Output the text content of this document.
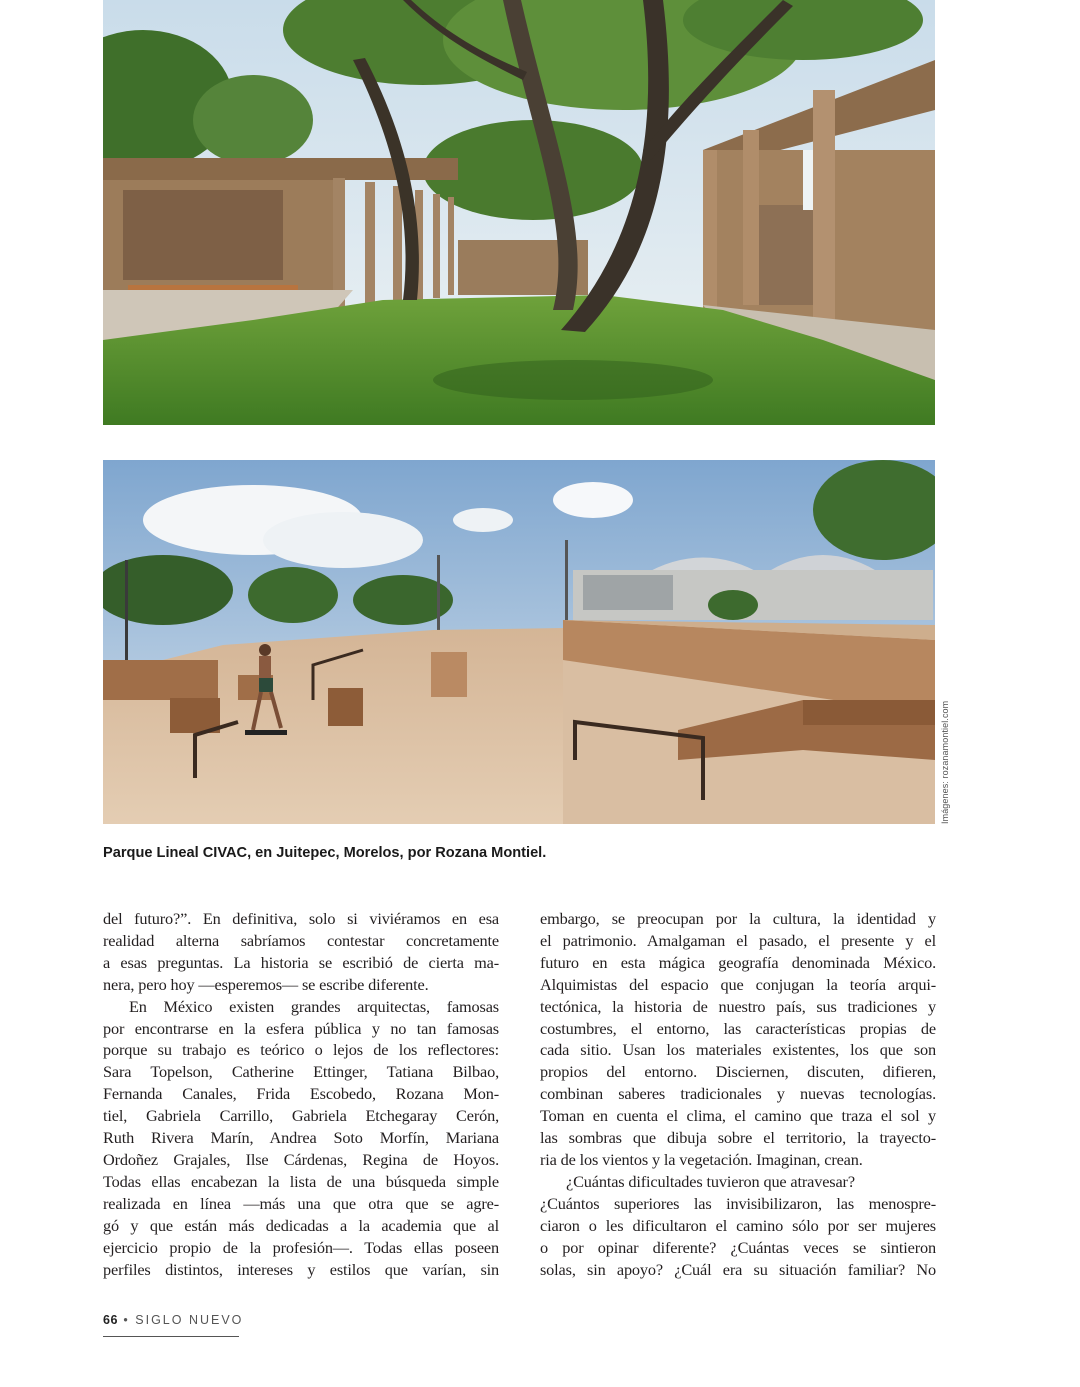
Imágenes: rozanamontiel.com
Parque Lineal CIVAC, en Juitepec, Morelos, por Rozana Montiel.
del futuro?”. En definitiva, solo si viviéramos en esa
realidad alterna sabríamos contestar concretamente
a esas preguntas. La historia se escribió de cierta ma-
nera, pero hoy —esperemos— se escribe diferente.
En México existen grandes arquitectas, famosas
por encontrarse en la esfera pública y no tan famosas
porque su trabajo es teórico o lejos de los reflectores:
Sara Topelson, Catherine Ettinger, Tatiana Bilbao,
Fernanda Canales, Frida Escobedo, Rozana Mon-
tiel, Gabriela Carrillo, Gabriela Etchegaray Cerón,
Ruth Rivera Marín, Andrea Soto Morfín, Mariana
Ordoñez Grajales, Ilse Cárdenas, Regina de Hoyos.
Todas ellas encabezan la lista de una búsqueda simple
realizada en línea —más una que otra que se agre-
gó y que están más dedicadas a la academia que al
ejercicio propio de la profesión—. Todas ellas poseen
perfiles distintos, intereses y estilos que varían, sin
embargo, se preocupan por la cultura, la identidad y
el patrimonio. Amalgaman el pasado, el presente y el
futuro en esta mágica geografía denominada México.
Alquimistas del espacio que conjugan la teoría arqui-
tectónica, la historia de nuestro país, sus tradiciones y
costumbres, el entorno, las características propias de
cada sitio. Usan los materiales existentes, los que son
propios del entorno. Disciernen, discuten, difieren,
combinan saberes tradicionales y nuevas tecnologías.
Toman en cuenta el clima, el camino que traza el sol y
las sombras que dibuja sobre el territorio, la trayecto-
ria de los vientos y la vegetación. Imaginan, crean.
¿Cuántas dificultades tuvieron que atravesar?
¿Cuántos superiores las invisibilizaron, las menospre-
ciaron o les dificultaron el camino sólo por ser mujeres
o por opinar diferente? ¿Cuántas veces se sintieron
solas, sin apoyo? ¿Cuál era su situación familiar? No
66 • SIGLO NUEVO
